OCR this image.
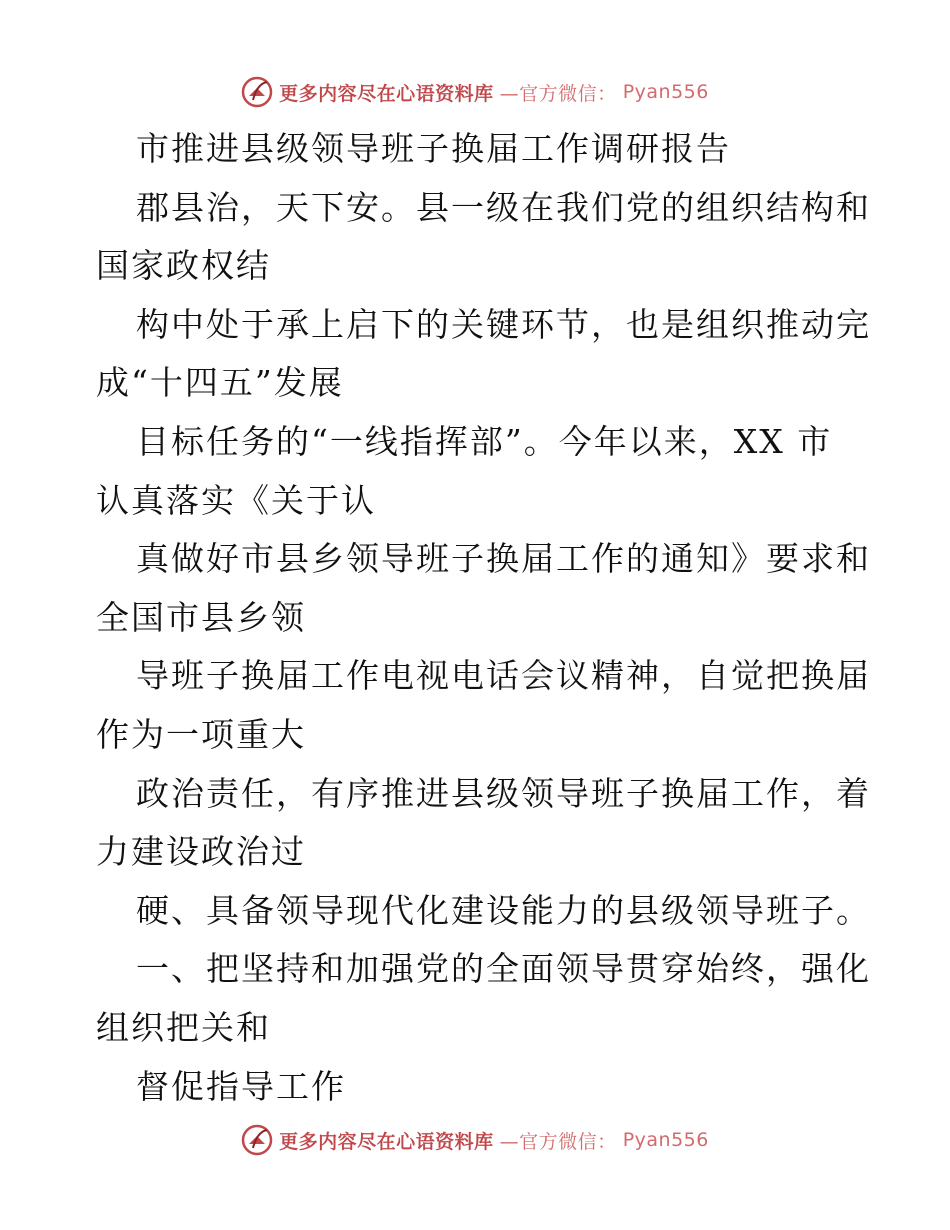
更多内容尽在心语资料库 —官方微信： Pyan556
市推进县级领导班子换届工作调研报告
郡县治，天下安。县一级在我们党的组织结构和
国家政权结
构中处于承上启下的关键环节，也是组织推动完
成“十四五”发展
目标任务的“一线指挥部”。今年以来，XX 市
认真落实《关于认
真做好市县乡领导班子换届工作的通知》要求和
全国市县乡领
导班子换届工作电视电话会议精神，自觉把换届
作为一项重大
政治责任，有序推进县级领导班子换届工作，着
力建设政治过
硬、具备领导现代化建设能力的县级领导班子。
一、把坚持和加强党的全面领导贯穿始终，强化
组织把关和
督促指导工作
更多内容尽在心语资料库 —官方微信： Pyan556
